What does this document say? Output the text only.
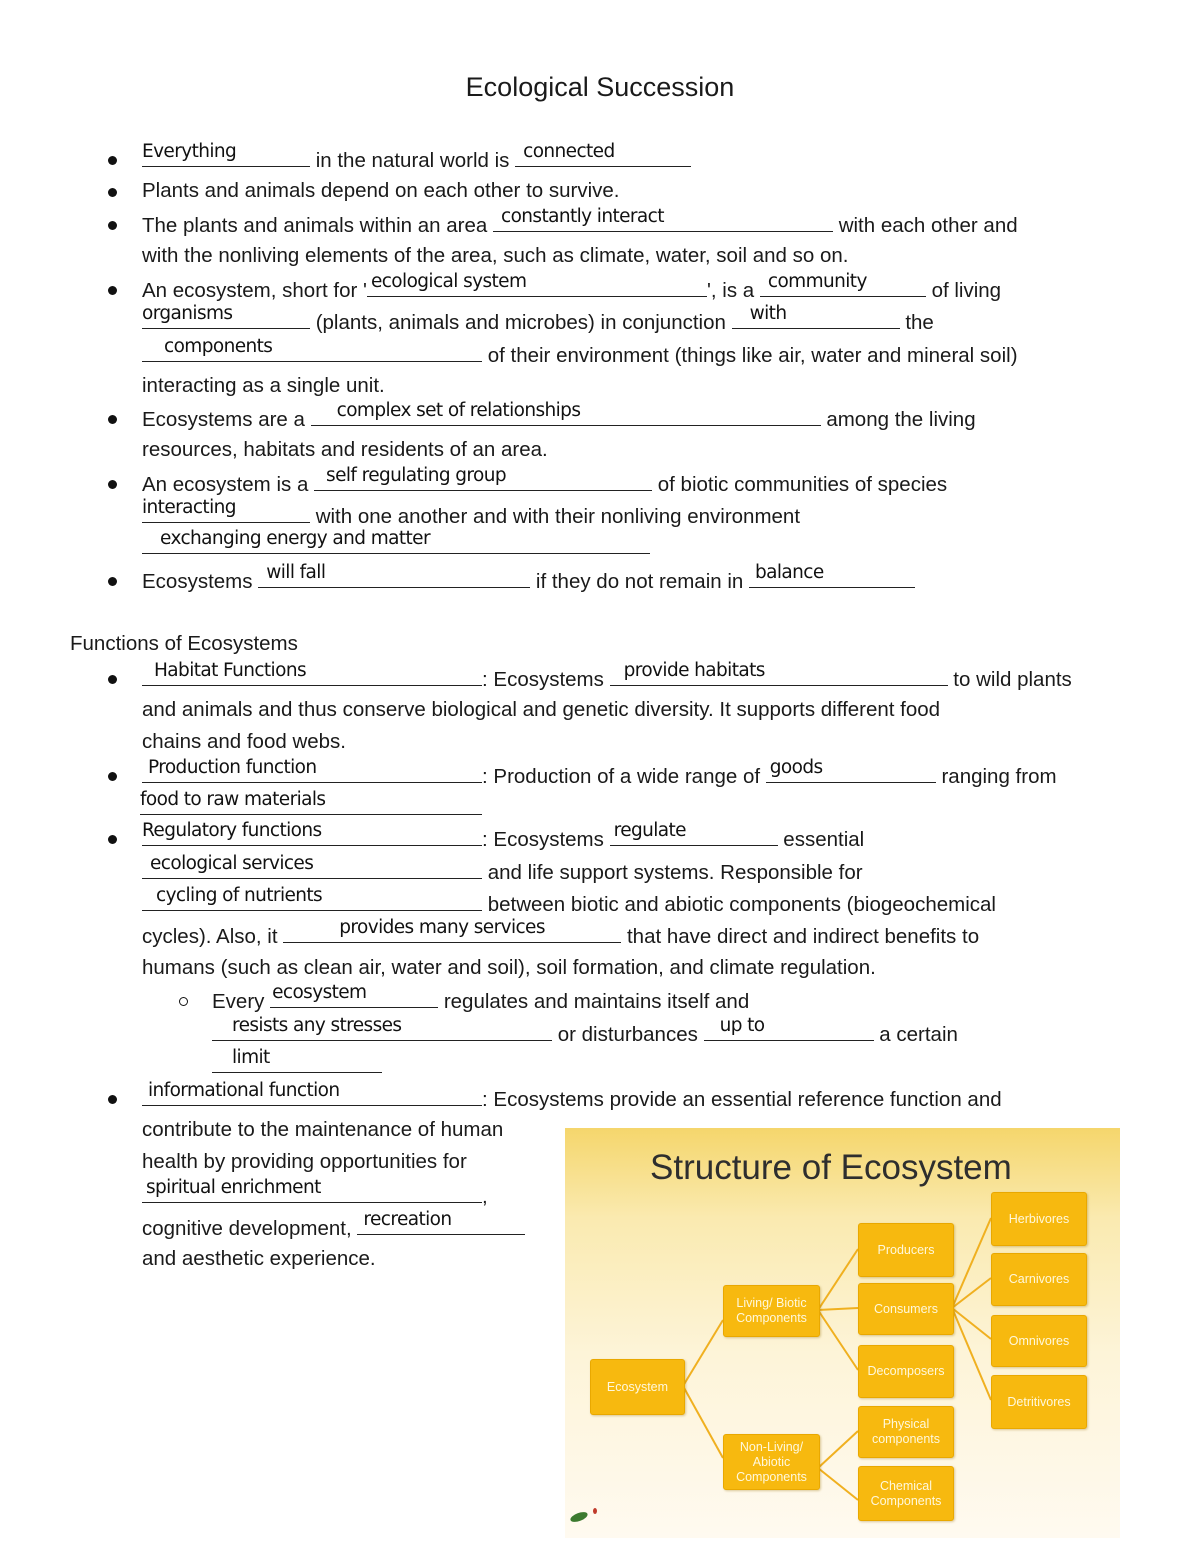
Ecological Succession
Everything	in the natural world is connected
Plants and animals depend on each other to survive.
The plants and animals within an area constantly interact	with each other and
with the nonliving elements of the area, such as climate, water, soil and so on.
An ecosystem, short for ' ecological system	', is a community	of living
organisms	(plants, animals and microbes) in conjunction with	the
components	of their environment (things like air, water and mineral soil)
interacting as a single unit.
Ecosystems are a complex set of relationships	among the living
resources, habitats and residents of an area.
An ecosystem is a self regulating group	of biotic communities of species
interacting	with one another and with their nonliving environment
exchanging energy and matter
Ecosystems will fall	if they do not remain in balance
Functions of Ecosystems
Habitat Functions	: Ecosystems provide habitats	to wild plants
and animals and thus conserve biological and genetic diversity. It supports different food
chains and food webs.
Production function	: Production of a wide range of goods	ranging from
food to raw materials
Regulatory functions	: Ecosystems regulate	essential
ecological services	and life support systems. Responsible for
cycling of nutrients	between biotic and abiotic components (biogeochemical
cycles). Also, it	provides many services	that have direct and indirect benefits to
humans (such as clean air, water and soil), soil formation, and climate regulation.
Every ecosystem	regulates and maintains itself and
resists any stresses	or disturbances up to	a certain
limit
informational function	: Ecosystems provide an essential reference function and
contribute to the maintenance of human
health by providing opportunities for
spiritual enrichment	,
cognitive development, recreation
and aesthetic experience.
Structure of Ecosystem
Ecosystem
Living/ Biotic Components
Non-Living/ Abiotic Components
Producers
Consumers
Decomposers
Physical components
Chemical Components
Herbivores
Carnivores
Omnivores
Detritivores
